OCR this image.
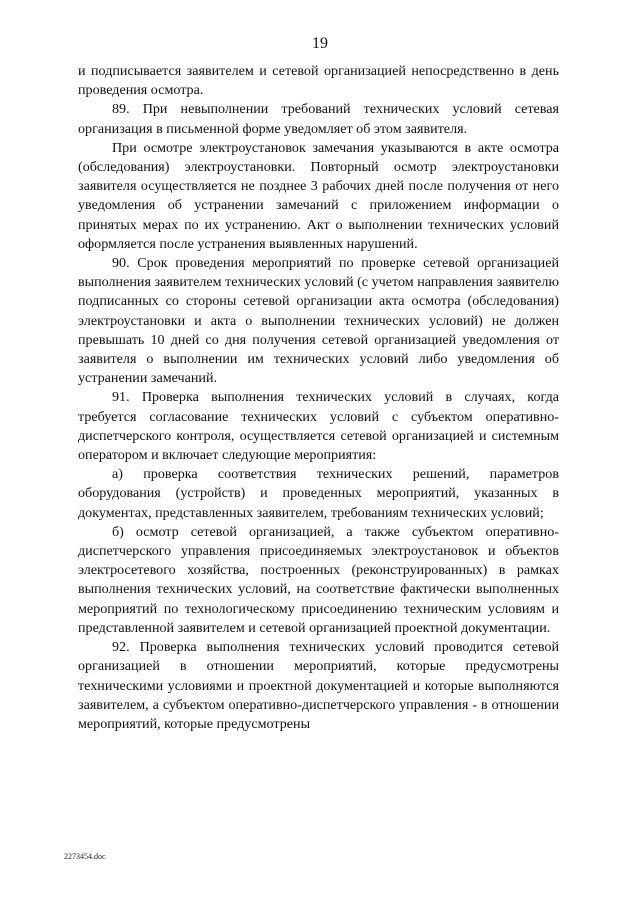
19

и подписывается заявителем и сетевой организацией непосредственно в день проведения осмотра.

89. При невыполнении требований технических условий сетевая организация в письменной форме уведомляет об этом заявителя.

При осмотре электроустановок замечания указываются в акте осмотра (обследования) электроустановки. Повторный осмотр электроустановки заявителя осуществляется не позднее 3 рабочих дней после получения от него уведомления об устранении замечаний с приложением информации о принятых мерах по их устранению. Акт о выполнении технических условий оформляется после устранения выявленных нарушений.

90. Срок проведения мероприятий по проверке сетевой организацией выполнения заявителем технических условий (с учетом направления заявителю подписанных со стороны сетевой организации акта осмотра (обследования) электроустановки и акта о выполнении технических условий) не должен превышать 10 дней со дня получения сетевой организацией уведомления от заявителя о выполнении им технических условий либо уведомления об устранении замечаний.

91. Проверка выполнения технических условий в случаях, когда требуется согласование технических условий с субъектом оперативно-диспетчерского контроля, осуществляется сетевой организацией и системным оператором и включает следующие мероприятия:

а) проверка соответствия технических решений, параметров оборудования (устройств) и проведенных мероприятий, указанных в документах, представленных заявителем, требованиям технических условий;

б) осмотр сетевой организацией, а также субъектом оперативно-диспетчерского управления присоединяемых электроустановок и объектов электросетевого хозяйства, построенных (реконструированных) в рамках выполнения технических условий, на соответствие фактически выполненных мероприятий по технологическому присоединению техническим условиям и представленной заявителем и сетевой организацией проектной документации.

92. Проверка выполнения технических условий проводится сетевой организацией в отношении мероприятий, которые предусмотрены техническими условиями и проектной документацией и которые выполняются заявителем, а субъектом оперативно-диспетчерского управления - в отношении мероприятий, которые предусмотрены

2273454.doc
